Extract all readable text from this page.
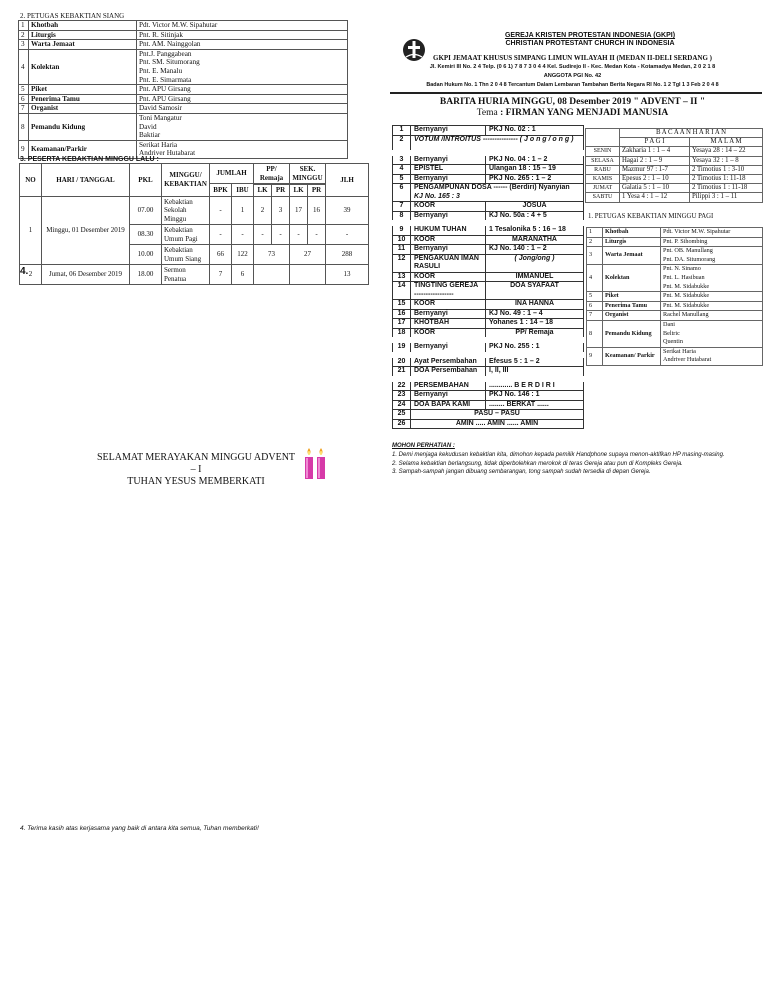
2. PETUGAS KEBAKTIAN SIANG
1	Khotbah	Pdt. Victor M.W. Sipahutar

2	Liturgis	Pnt. R. Sitinjak

3	Warta Jemaat	Pnt. AM. Nainggolan

4	Kolektan	Pnt.J. Panggabean
Pnt. SM. Situmorang
Pnt. E. Manalu
Pnt. E. Simarmata

5	Piket	Pnt. APU Girsang

6	Penerima Tamu	Pnt. APU Girsang

7	Organist	David Samosir

8	Pemandu Kidung	Toni Mangatur
David
Baktiar

9	Keamanan/Parkir	Serikat Haria
Andriver Hutabarat
3. PESERTA KEBAKTIAN MINGGU LALU :
NO	HARI / TANGGAL	PKL	MINGGU/ KEBAKTIAN	JUMLAH		PP/ Remaja		SEK. MINGGU		JLH
				BPK	IBU					
						LK	PR	LK	PR	
1	Minggu, 01 Desember 2019	07.00	Kebaktian Sekolah Minggu	-	1	2	3	17	16	39
		08.30	Kebaktian Umum Pagi	-	-	-	-	-	-	-
		10.00	Kebaktian Umum Siang	66	122	73		27		288
2	Jumat, 06 Desember 2019	18.00	Sermon Penatua	7	6					13
4.
SELAMAT MERAYAKAN MINGGU ADVENT – I
TUHAN YESUS MEMBERKATI
4. Terima kasih atas kerjasama yang baik di antara kita semua, Tuhan memberkati!
GEREJA KRISTEN PROTESTAN INDONESIA (GKPI)
CHRISTIAN PROTESTANT CHURCH IN INDONESIA
GKPI JEMAAT KHUSUS SIMPANG LIMUN WILAYAH II (MEDAN II-DELI SERDANG )
Jl. Kemiri III No. 2 4 Telp. (0 6 1) 7 8 7 3 0 4 4 Kel. Sudirejo II - Kec. Medan Kota - Kotamadya Medan, 2 0 2 1 8
ANGGOTA PGI No. 42
Badan Hukum No. 1 Thn 2 0 4 8 Tercantum Dalam Lembaran Tambahan Berita Negara RI No. 1 2 Tgl 1 3 Feb 2 0 4 8
BARITA HURIA MINGGU, 08 Desember 2019 " ADVENT – II "
Tema : FIRMAN YANG MENJADI MANUSIA
1	Bernyanyi	PKJ No. 02 : 1
2	VOTUM /INTROITUS --------------- ( J o n g / o n g )	
3	Bernyanyi	PKJ No. 04 : 1 – 2
4	EPISTEL	Ulangan 18 : 15 – 19
5	Bernyanyi	PKJ No. 265 : 1 – 2
6	PENGAMPUNAN DOSA ------ (Berdiri) Nyanyian
KJ No. 165 : 3	

7	KOOR	JOSUA
8	Bernyanyi	KJ No. 50a : 4 + 5
9	HUKUM TUHAN	1 Tesalonika 5 : 16 – 18
10	KOOR	MARANATHA
11	Bernyanyi	KJ No. 140 : 1 – 2
12	PENGAKUAN IMAN
RASULI	( Jong/ong )
13	KOOR	IMMANUEL
14	TINGTING GEREJA -----------------	DOA SYAFAAT
15	KOOR	INA HANNA
16	Bernyanyi	KJ No. 49 : 1 – 4
17	KHOTBAH	Yohanes 1 : 14 – 18
18	KOOR	PP/ Remaja
19	Bernyanyi	PKJ No. 255 : 1
20	Ayat Persembahan	Efesus 5 : 1 – 2
21	DOA Persembahan	I, II, III
22	PERSEMBAHAN	............ B E R D I R I
23	Bernyanyi	PKJ No. 146 : 1
24	DOA BAPA KAMI	........ BERKAT ......
25	PASU – PASU	
26	AMIN ..... AMIN ...... AMIN	
	B A C A A N H A R I A N	
	P A G I	M A L A M
SENIN	Zakharia 1 : 1 – 4	Yesaya 28 : 14 – 22
SELASA	Hagai 2 : 1 – 9	Yesaya 32 : 1 – 8
RABU	Mazmur 97 : 1-7	2 Timotius 1 : 3-10
KAMIS	Epesus 2 : 1 – 10	2 Timotius 1: 11-18
JUMAT	Galatia 5 : 1 – 10	2 Timotius 1 : 11-18
SABTU	1 Yesa 4 : 1 – 12	Pilippi 3 : 1 – 11
1. PETUGAS KEBAKTIAN MINGGU PAGI
1	Khotbah	Pdt. Victor M.W. Sipahutar

2	Liturgis	Pnt. P. Sihombing

3	Warta Jemaat	Pnt. OB. Manullang
Pnt. DA. Situmorang

4	Kolektan	Pnt. N. Sinamo
Pnt. L. Hasibuan
Pnt. M. Sidabukke

5	Piket	Pnt. M. Sidabukke

6	Penerima Tamu	Pnt. M. Sidabukke

7	Organist	Rachel Manullang

8	Pemandu Kidung	Dani
Beltric
Quentin

9	Keamanan/ Parkir	Serikat Haria
Andriver Hutabarat
MOHON PERHATIAN :
1. Demi menjaga kekudusan kebaktian kita, dimohon kepada pemilik Handphone supaya menon-aktifkan HP masing-masing.
2. Selama kebaktian berlangsung, tidak diperbolehkan merokok di teras Gereja atau pun di Kompleks Gereja.
3. Sampah-sampah jangan dibuang sembarangan, tong sampah sudah tersedia di depan Gereja.
